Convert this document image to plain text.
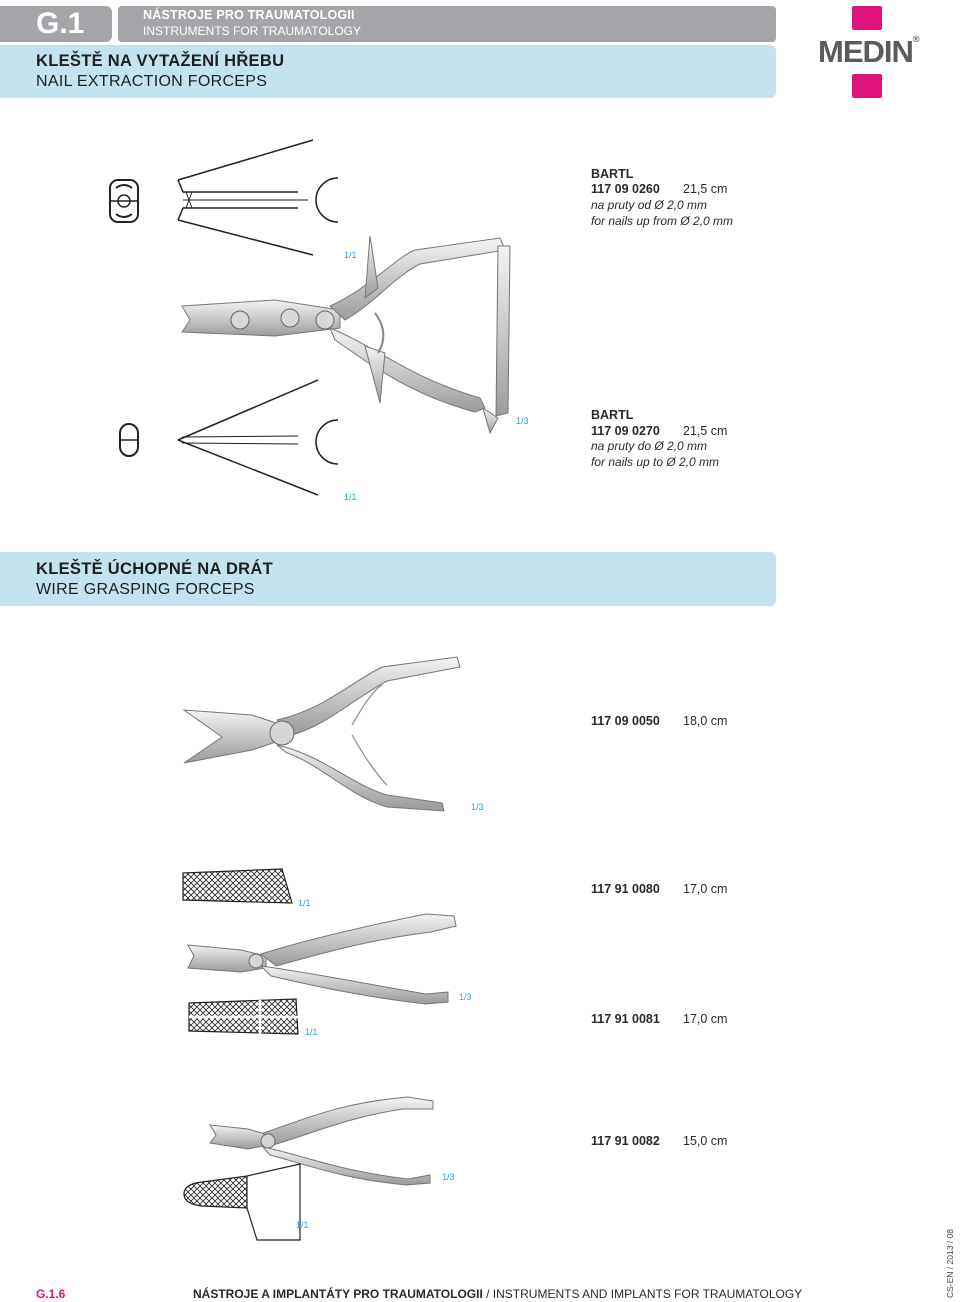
G.1	NÁSTROJE PRO TRAUMATOLOGII
INSTRUMENTS FOR TRAUMATOLOGY
KLEŠTĚ NA VYTAŽENÍ HŘEBU
NAIL EXTRACTION FORCEPS
MEDIN®
BARTL
117 09 0260 21,5 cm
na pruty od Ø 2,0 mm
for nails up from Ø 2,0 mm
1/1
1/3	BARTL
117 09 0270 21,5 cm
na pruty do Ø 2,0 mm
for nails up to Ø 2,0 mm
1/1
KLEŠTĚ ÚCHOPNÉ NA DRÁT
WIRE GRASPING FORCEPS
117 09 0050 18,0 cm
1/3
1/1
117 91 0080 17,0 cm
1/3
1/1
117 91 0081 17,0 cm
117 91 0082 15,0 cm
1/3
1/1
G.1.6	NÁSTROJE A IMPLANTÁTY PRO TRAUMATOLOGII / INSTRUMENTS AND IMPLANTS FOR TRAUMATOLOGY	CS-EN / 2013 / 08
